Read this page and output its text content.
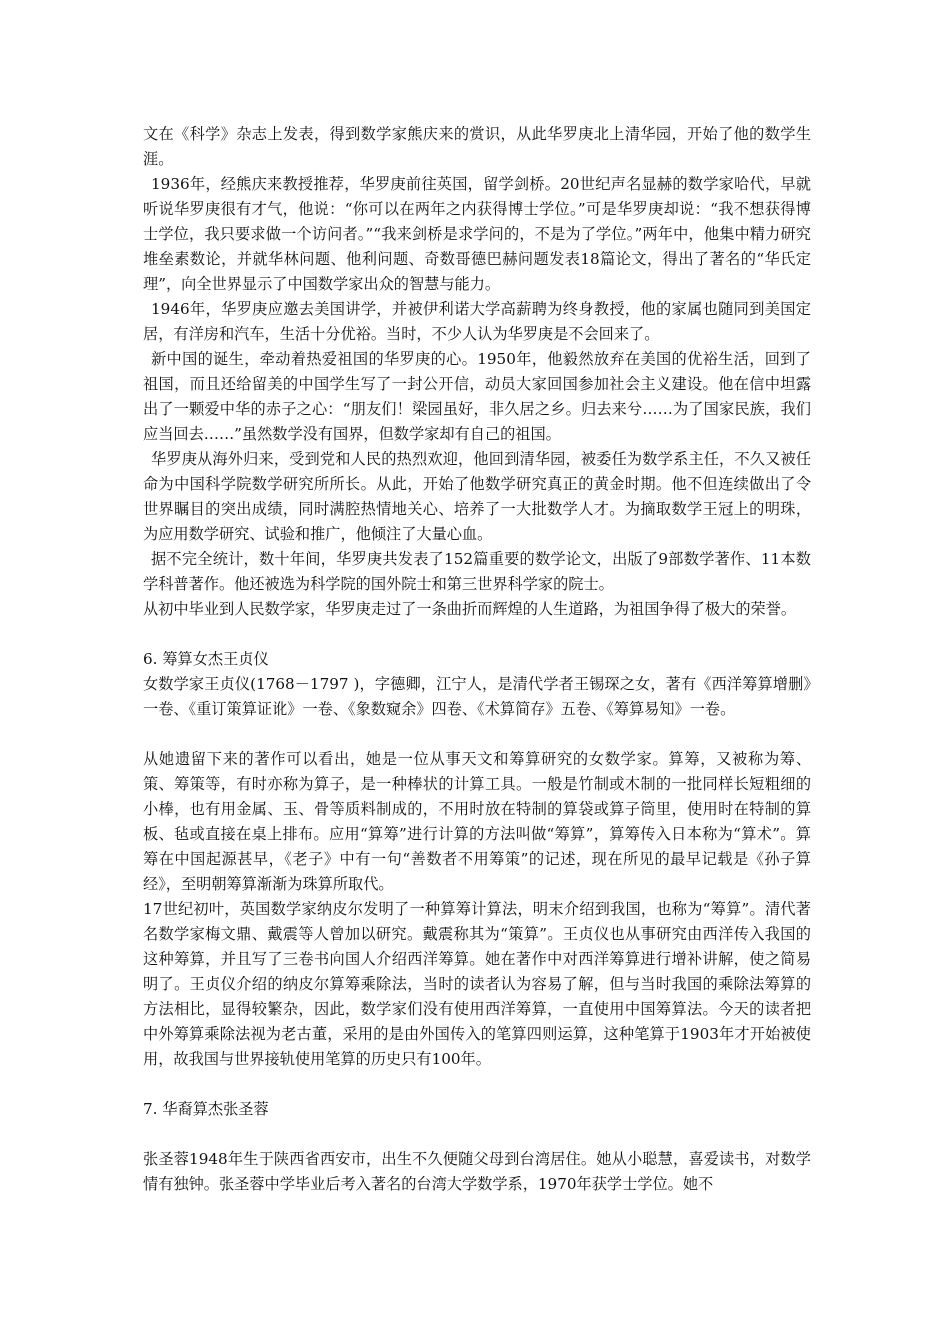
文在《科学》杂志上发表，得到数学家熊庆来的赏识，从此华罗庚北上清华园，开始了他的数学生涯。

1936年，经熊庆来教授推荐，华罗庚前往英国，留学剑桥。20世纪声名显赫的数学家哈代，早就听说华罗庚很有才气，他说：“你可以在两年之内获得博士学位。”可是华罗庚却说：“我不想获得博士学位，我只要求做一个访问者。”“我来剑桥是求学问的，不是为了学位。”两年中，他集中精力研究堆垒素数论，并就华林问题、他利问题、奇数哥德巴赫问题发表18篇论文，得出了著名的“华氏定理”，向全世界显示了中国数学家出众的智慧与能力。

1946年，华罗庚应邀去美国讲学，并被伊利诺大学高薪聘为终身教授，他的家属也随同到美国定居，有洋房和汽车，生活十分优裕。当时，不少人认为华罗庚是不会回来了。

新中国的诞生，牵动着热爱祖国的华罗庚的心。1950年，他毅然放弃在美国的优裕生活，回到了祖国，而且还给留美的中国学生写了一封公开信，动员大家回国参加社会主义建设。他在信中坦露出了一颗爱中华的赤子之心：“朋友们！梁园虽好，非久居之乡。归去来兮……为了国家民族，我们应当回去……”虽然数学没有国界，但数学家却有自己的祖国。

华罗庚从海外归来，受到党和人民的热烈欢迎，他回到清华园，被委任为数学系主任，不久又被任命为中国科学院数学研究所所长。从此，开始了他数学研究真正的黄金时期。他不但连续做出了令世界瞩目的突出成绩，同时满腔热情地关心、培养了一大批数学人才。为摘取数学王冠上的明珠，为应用数学研究、试验和推广，他倾注了大量心血。

据不完全统计，数十年间，华罗庚共发表了152篇重要的数学论文，出版了9部数学著作、11本数学科普著作。他还被选为科学院的国外院士和第三世界科学家的院士。

从初中毕业到人民数学家，华罗庚走过了一条曲折而辉煌的人生道路，为祖国争得了极大的荣誉。

6. 筹算女杰王贞仪

女数学家王贞仪(1768－1797 )，字德卿，江宁人，是清代学者王锡琛之女，著有《西洋筹算增删》一卷、《重订策算证讹》一卷、《象数窥余》四卷、《术算简存》五卷、《筹算易知》一卷。

从她遗留下来的著作可以看出，她是一位从事天文和筹算研究的女数学家。算筹，又被称为筹、策、筹策等，有时亦称为算子，是一种棒状的计算工具。一般是竹制或木制的一批同样长短粗细的小棒，也有用金属、玉、骨等质料制成的，不用时放在特制的算袋或算子筒里，使用时在特制的算板、毡或直接在桌上排布。应用“算筹”进行计算的方法叫做“筹算”，算筹传入日本称为“算术”。算筹在中国起源甚早，《老子》中有一句“善数者不用筹策”的记述，现在所见的最早记载是《孙子算经》，至明朝筹算渐渐为珠算所取代。

17世纪初叶，英国数学家纳皮尔发明了一种算筹计算法，明末介绍到我国，也称为“筹算”。清代著名数学家梅文鼎、戴震等人曾加以研究。戴震称其为“策算”。王贞仪也从事研究由西洋传入我国的这种筹算，并且写了三卷书向国人介绍西洋筹算。她在著作中对西洋筹算进行增补讲解，使之简易明了。王贞仪介绍的纳皮尔算筹乘除法，当时的读者认为容易了解，但与当时我国的乘除法筹算的方法相比，显得较繁杂，因此，数学家们没有使用西洋筹算，一直使用中国筹算法。今天的读者把中外筹算乘除法视为老古董，采用的是由外国传入的笔算四则运算，这种笔算于1903年才开始被使用，故我国与世界接轨使用笔算的历史只有100年。

7. 华裔算杰张圣蓉

张圣蓉1948年生于陕西省西安市，出生不久便随父母到台湾居住。她从小聪慧，喜爱读书，对数学情有独钟。张圣蓉中学毕业后考入著名的台湾大学数学系，1970年获学士学位。她不
